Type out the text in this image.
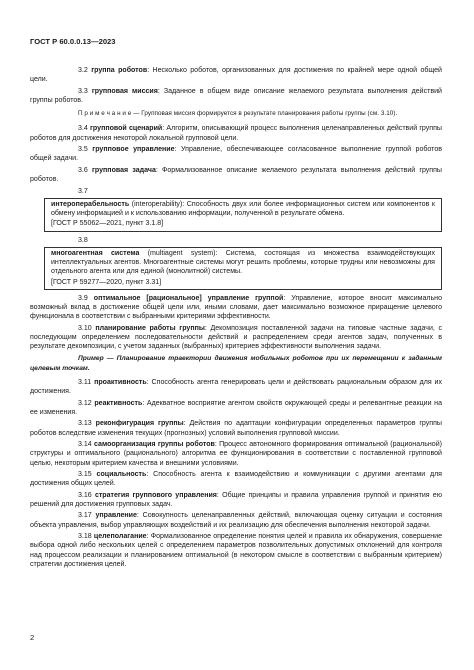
ГОСТ Р 60.0.0.13—2023

3.2 группа роботов: Несколько роботов, организованных для достижения по крайней мере одной общей цели.

3.3 групповая миссия: Заданное в общем виде описание желаемого результата выполнения действий группы роботов.

П р и м е ч а н и е — Групповая миссия формируется в результате планирования работы группы (см. 3.10).

3.4 групповой сценарий: Алгоритм, описывающий процесс выполнения целенаправленных действий группы роботов для достижения некоторой локальной групповой цели.

3.5 групповое управление: Управление, обеспечивающее согласованное выполнение группой роботов общей задачи.

3.6 групповая задача: Формализованное описание желаемого результата выполнения действий группы роботов.

3.7

интероперабельность (interoperability): Способность двух или более информационных систем или компонентов к обмену информацией и к использованию информации, полученной в результате обмена.

[ГОСТ Р 55062—2021, пункт 3.1.8]

3.8

многоагентная система (multiagent system): Система, состоящая из множества взаимодействующих интеллектуальных агентов. Многоагентные системы могут решить проблемы, которые трудны или невозможны для отдельного агента или для единой (монолитной) системы.

[ГОСТ Р 59277—2020, пункт 3.31]

3.9 оптимальное [рациональное] управление группой: Управление, которое вносит максимально возможный вклад в достижение общей цели или, иными словами, дает максимально возможное приращение целевого функционала в соответствии с выбранными критериями эффективности.

3.10 планирование работы группы: Декомпозиция поставленной задачи на типовые частные задачи, с последующим определением последовательности действий и распределением среди агентов задач, полученных в результате декомпозиции, с учетом заданных (выбранных) критериев эффективности выполнения задачи.

Пример — Планирование траектории движения мобильных роботов при их перемещении к заданным целевым точкам.

3.11 проактивность: Способность агента генерировать цели и действовать рациональным образом для их достижения.

3.12 реактивность: Адекватное восприятие агентом свойств окружающей среды и релевантные реакции на ее изменения.

3.13 реконфигурация группы: Действия по адаптации конфигурации определенных параметров группы роботов вследствие изменения текущих (прогнозных) условий выполнения групповой миссии.

3.14 самоорганизация группы роботов: Процесс автономного формирования оптимальной (рациональной) структуры и оптимального (рационального) алгоритма ее функционирования в соответствии с поставленной групповой целью, некоторым критерием качества и внешними условиями.

3.15 социальность: Способность агента к взаимодействию и коммуникации с другими агентами для достижения общих целей.

3.16 стратегия группового управления: Общие принципы и правила управления группой и принятия ею решений для достижения групповых задач.

3.17 управление: Совокупность целенаправленных действий, включающая оценку ситуации и состояния объекта управления, выбор управляющих воздействий и их реализацию для обеспечения выполнения некоторой задачи.

3.18 целеполагание: Формализованное определение понятия целей и правила их обнаружения, совершение выбора одной либо нескольких целей с определением параметров позволительных допустимых отклонений для контроля над процессом реализации и планированием оптимальной (в некотором смысле в соответствии с выбранным критерием) стратегии достижения целей.

2
